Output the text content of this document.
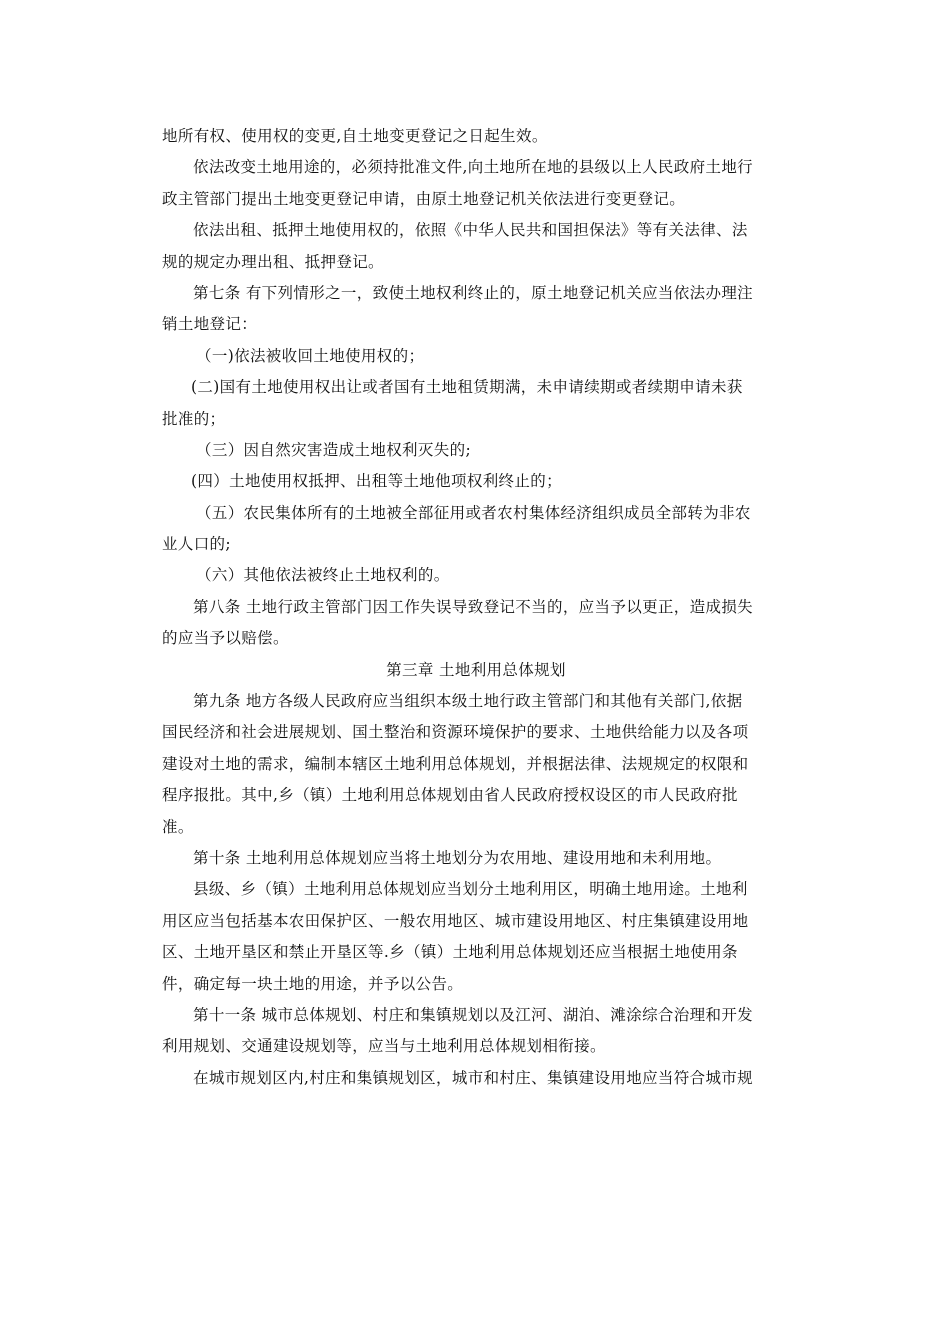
地所有权、使用权的变更,自土地变更登记之日起生效。
依法改变土地用途的，必须持批准文件,向土地所在地的县级以上人民政府土地行
政主管部门提出土地变更登记申请，由原土地登记机关依法进行变更登记。
依法出租、抵押土地使用权的，依照《中华人民共和国担保法》等有关法律、法
规的规定办理出租、抵押登记。
第七条 有下列情形之一，致使土地权利终止的，原土地登记机关应当依法办理注
销土地登记：
（一)依法被收回土地使用权的；
(二)国有土地使用权出让或者国有土地租赁期满，未申请续期或者续期申请未获
批准的；
（三）因自然灾害造成土地权利灭失的;
(四）土地使用权抵押、出租等土地他项权利终止的；
（五）农民集体所有的土地被全部征用或者农村集体经济组织成员全部转为非农
业人口的;
（六）其他依法被终止土地权利的。
第八条 土地行政主管部门因工作失误导致登记不当的，应当予以更正，造成损失
的应当予以赔偿。
第三章 土地利用总体规划
第九条 地方各级人民政府应当组织本级土地行政主管部门和其他有关部门,依据
国民经济和社会进展规划、国土整治和资源环境保护的要求、土地供给能力以及各项
建设对土地的需求，编制本辖区土地利用总体规划，并根据法律、法规规定的权限和
程序报批。其中,乡（镇）土地利用总体规划由省人民政府授权设区的市人民政府批
准。
第十条 土地利用总体规划应当将土地划分为农用地、建设用地和未利用地。
县级、乡（镇）土地利用总体规划应当划分土地利用区，明确土地用途。土地利
用区应当包括基本农田保护区、一般农用地区、城市建设用地区、村庄集镇建设用地
区、土地开垦区和禁止开垦区等.乡（镇）土地利用总体规划还应当根据土地使用条
件，确定每一块土地的用途，并予以公告。
第十一条 城市总体规划、村庄和集镇规划以及江河、湖泊、滩涂综合治理和开发
利用规划、交通建设规划等，应当与土地利用总体规划相衔接。
在城市规划区内,村庄和集镇规划区，城市和村庄、集镇建设用地应当符合城市规
